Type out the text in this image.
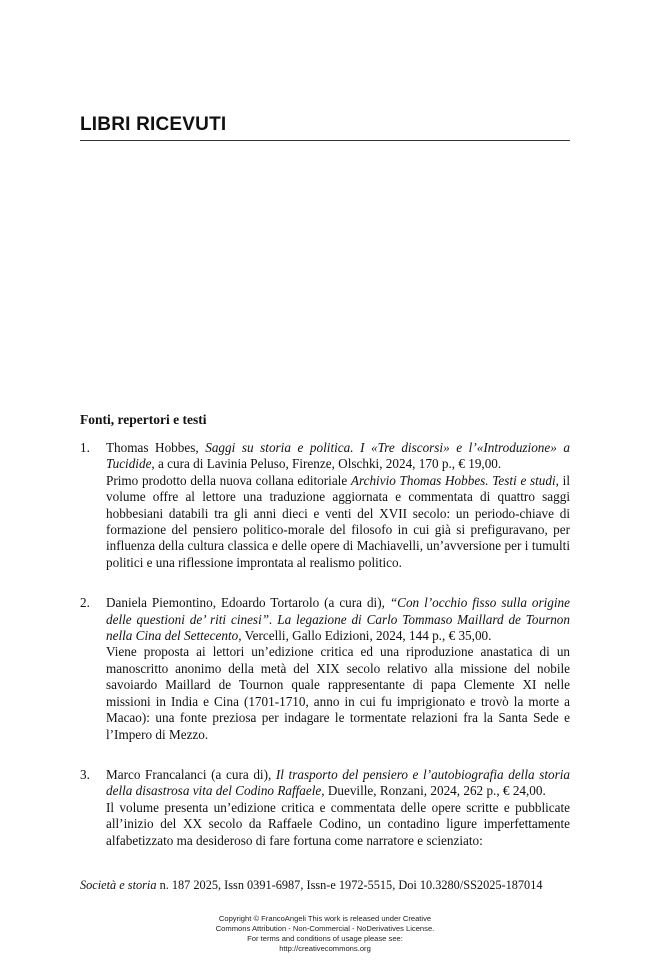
LIBRI RICEVUTI
Fonti, repertori e testi
1. Thomas Hobbes, Saggi su storia e politica. I «Tre discorsi» e l’«Introduzione» a Tucidide, a cura di Lavinia Peluso, Firenze, Olschki, 2024, 170 p., € 19,00.
Primo prodotto della nuova collana editoriale Archivio Thomas Hobbes. Testi e studi, il volume offre al lettore una traduzione aggiornata e commentata di quattro saggi hobbesiani databili tra gli anni dieci e venti del XVII secolo: un periodo-chiave di formazione del pensiero politico-morale del filosofo in cui già si prefiguravano, per influenza della cultura classica e delle opere di Machiavelli, un’avversione per i tumulti politici e una riflessione improntata al realismo politico.
2. Daniela Piemontino, Edoardo Tortarolo (a cura di), “Con l’occhio fisso sulla origine delle questioni de’ riti cinesi”. La legazione di Carlo Tommaso Maillard de Tournon nella Cina del Settecento, Vercelli, Gallo Edizioni, 2024, 144 p., € 35,00.
Viene proposta ai lettori un’edizione critica ed una riproduzione anastatica di un manoscritto anonimo della metà del XIX secolo relativo alla missione del nobile savoiardo Maillard de Tournon quale rappresentante di papa Clemente XI nelle missioni in India e Cina (1701-1710, anno in cui fu imprigionato e trovò la morte a Macao): una fonte preziosa per indagare le tormentate relazioni fra la Santa Sede e l’Impero di Mezzo.
3. Marco Francalanci (a cura di), Il trasporto del pensiero e l’autobiografia della storia della disastrosa vita del Codino Raffaele, Dueville, Ronzani, 2024, 262 p., € 24,00.
Il volume presenta un’edizione critica e commentata delle opere scritte e pubblicate all’inizio del XX secolo da Raffaele Codino, un contadino ligure imperfettamente alfabetizzato ma desideroso di fare fortuna come narratore e scienziato:
Società e storia n. 187 2025, Issn 0391-6987, Issn-e 1972-5515, Doi 10.3280/SS2025-187014
Copyright © FrancoAngeli This work is released under Creative
Commons Attribution - Non-Commercial - NoDerivatives License.
For terms and conditions of usage please see:
http://creativecommons.org
